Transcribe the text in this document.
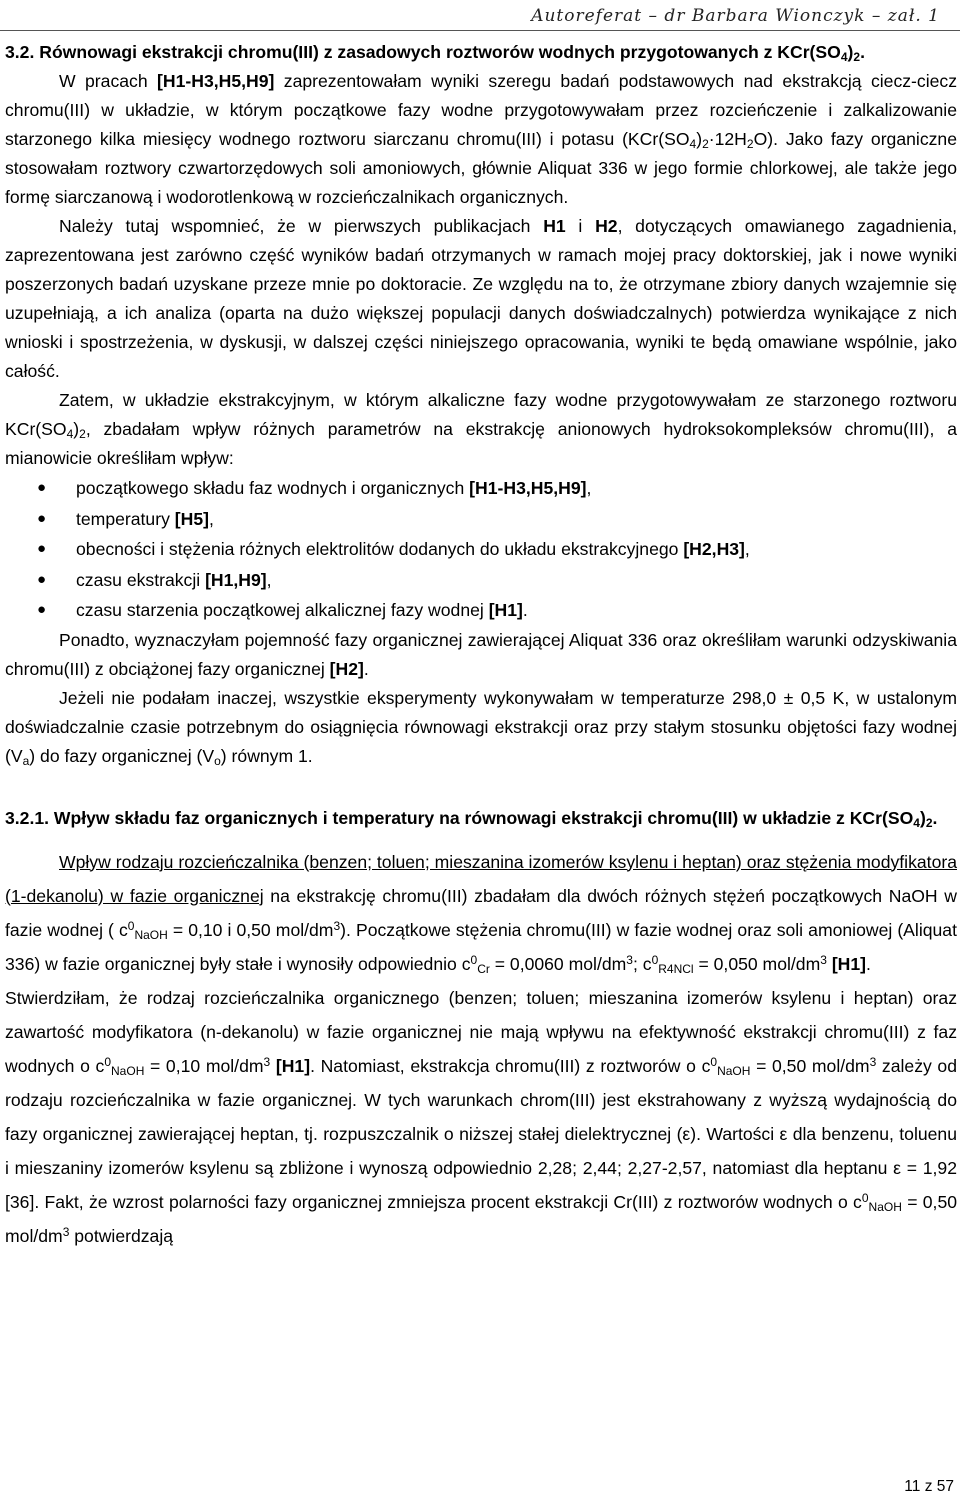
Autoreferat – dr Barbara Wionczyk – zał. 1

3.2. Równowagi ekstrakcji chromu(III) z zasadowych roztworów wodnych przygotowanych z $KCr(SO_4)_2$.

W pracach [H1-H3,H5,H9] zaprezentowałam wyniki szeregu badań podstawowych nad ekstrakcją ciecz-ciecz chromu(III) w układzie, w którym początkowe fazy wodne przygotowywałam przez rozcieńczenie i zalkalizowanie starzonego kilka miesięcy wodnego roztworu siarczanu chromu(III) i potasu $(KCr(SO_4)_2\cdot 12H_2O)$. Jako fazy organiczne stosowałam roztwory czwartorzędowych soli amoniowych, głównie Aliquat 336 w jego formie chlorkowej, ale także jego formę siarczanową i wodorotlenkową w rozcieńczalnikach organicznych.

Należy tutaj wspomnieć, że w pierwszych publikacjach H1 i H2, dotyczących omawianego zagadnienia, zaprezentowana jest zarówno część wyników badań otrzymanych w ramach mojej pracy doktorskiej, jak i nowe wyniki poszerzonych badań uzyskane przeze mnie po doktoracie. Ze względu na to, że otrzymane zbiory danych wzajemnie się uzupełniają, a ich analiza (oparta na dużo większej populacji danych doświadczalnych) potwierdza wynikające z nich wnioski i spostrzeżenia, w dyskusji, w dalszej części niniejszego opracowania, wyniki te będą omawiane wspólnie, jako całość.

Zatem, w układzie ekstrakcyjnym, w którym alkaliczne fazy wodne przygotowywałam ze starzonego roztworu $KCr(SO_4)_2$, zbadałam wpływ różnych parametrów na ekstrakcję anionowych hydroksokompleksów chromu(III), a mianowicie określiłam wpływ:

● początkowego składu faz wodnych i organicznych [H1-H3,H5,H9],
● temperatury [H5],
● obecności i stężenia różnych elektrolitów dodanych do układu ekstrakcyjnego [H2,H3],
● czasu ekstrakcji [H1,H9],
● czasu starzenia początkowej alkalicznej fazy wodnej [H1].

Ponadto, wyznaczyłam pojemność fazy organicznej zawierającej Aliquat 336 oraz określiłam warunki odzyskiwania chromu(III) z obciążonej fazy organicznej [H2].

Jeżeli nie podałam inaczej, wszystkie eksperymenty wykonywałam w temperaturze 298,0 ± 0,5 K, w ustalonym doświadczalnie czasie potrzebnym do osiągnięcia równowagi ekstrakcji oraz przy stałym stosunku objętości fazy wodnej $(V_a)$ do fazy organicznej $(V_o)$ równym 1.

3.2.1. Wpływ składu faz organicznych i temperatury na równowagi ekstrakcji chromu(III) w układzie z $KCr(SO_4)_2$.

Wpływ rodzaju rozcieńczalnika (benzen; toluen; mieszanina izomerów ksylenu i heptan) oraz stężenia modyfikatora (1-dekanolu) w fazie organicznej na ekstrakcję chromu(III) zbadałam dla dwóch różnych stężeń początkowych NaOH w fazie wodnej ( $c^0_{NaOH} = 0,10$ i 0,50 mol/$dm^3$). Początkowe stężenia chromu(III) w fazie wodnej oraz soli amoniowej (Aliquat 336) w fazie organicznej były stałe i wynosiły odpowiednio $c^0_{Cr} = 0,0060$ mol/$dm^3$; $c^0_{R4NCl} = 0,050$ mol/$dm^3$ [H1].

Stwierdziłam, że rodzaj rozcieńczalnika organicznego (benzen; toluen; mieszanina izomerów ksylenu i heptan) oraz zawartość modyfikatora (n-dekanolu) w fazie organicznej nie mają wpływu na efektywność ekstrakcji chromu(III) z faz wodnych o $c^0_{NaOH} = 0,10$ mol/$dm^3$ [H1]. Natomiast, ekstrakcja chromu(III) z roztworów o $c^0_{NaOH} = 0,50$ mol/$dm^3$ zależy od rodzaju rozcieńczalnika w fazie organicznej. W tych warunkach chrom(III) jest ekstrahowany z wyższą wydajnością do fazy organicznej zawierającej heptan, tj. rozpuszczalnik o niższej stałej dielektrycznej (ε). Wartości ε dla benzenu, toluenu i mieszaniny izomerów ksylenu są zbliżone i wynoszą odpowiednio 2,28; 2,44; 2,27-2,57, natomiast dla heptanu ε = 1,92 [36]. Fakt, że wzrost polarności fazy organicznej zmniejsza procent ekstrakcji Cr(III) z roztworów wodnych o $c^0_{NaOH} = 0,50$ mol/$dm^3$ potwierdzają

11 z 57
